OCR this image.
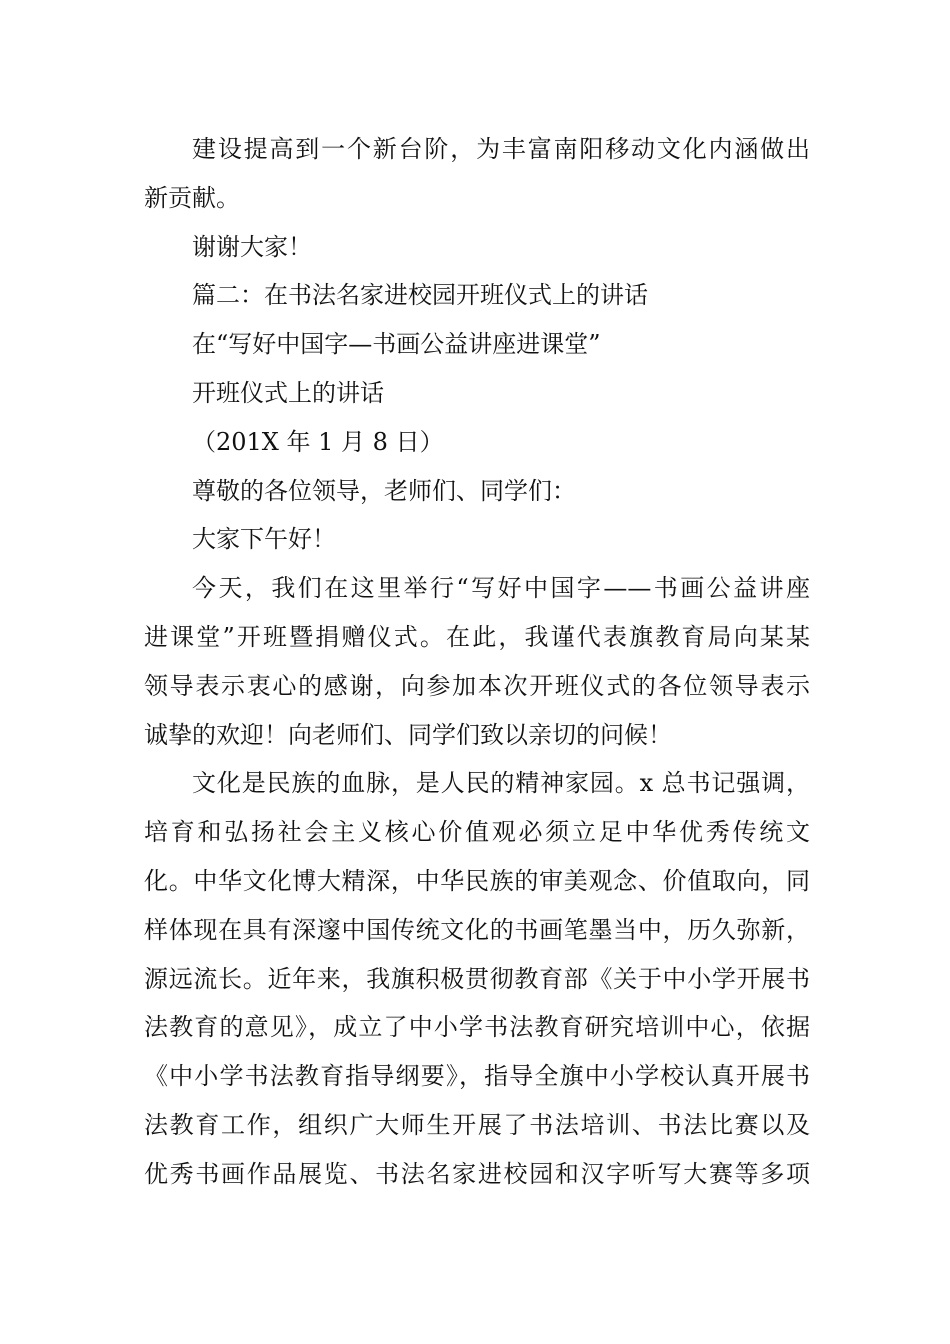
建设提高到一个新台阶，为丰富南阳移动文化内涵做出
新贡献。
谢谢大家！
篇二：在书法名家进校园开班仪式上的讲话
在“写好中国字—书画公益讲座进课堂”
开班仪式上的讲话
（201X 年 1 月 8 日）
尊敬的各位领导，老师们、同学们：
大家下午好！
今天，我们在这里举行“写好中国字——书画公益讲座
进课堂”开班暨捐赠仪式。在此，我谨代表旗教育局向某某
领导表示衷心的感谢，向参加本次开班仪式的各位领导表示
诚挚的欢迎！向老师们、同学们致以亲切的问候！
文化是民族的血脉，是人民的精神家园。x 总书记强调，
培育和弘扬社会主义核心价值观必须立足中华优秀传统文
化。中华文化博大精深，中华民族的审美观念、价值取向，同
样体现在具有深邃中国传统文化的书画笔墨当中，历久弥新，
源远流长。近年来，我旗积极贯彻教育部《关于中小学开展书
法教育的意见》，成立了中小学书法教育研究培训中心，依据
《中小学书法教育指导纲要》，指导全旗中小学校认真开展书
法教育工作，组织广大师生开展了书法培训、书法比赛以及
优秀书画作品展览、书法名家进校园和汉字听写大赛等多项
